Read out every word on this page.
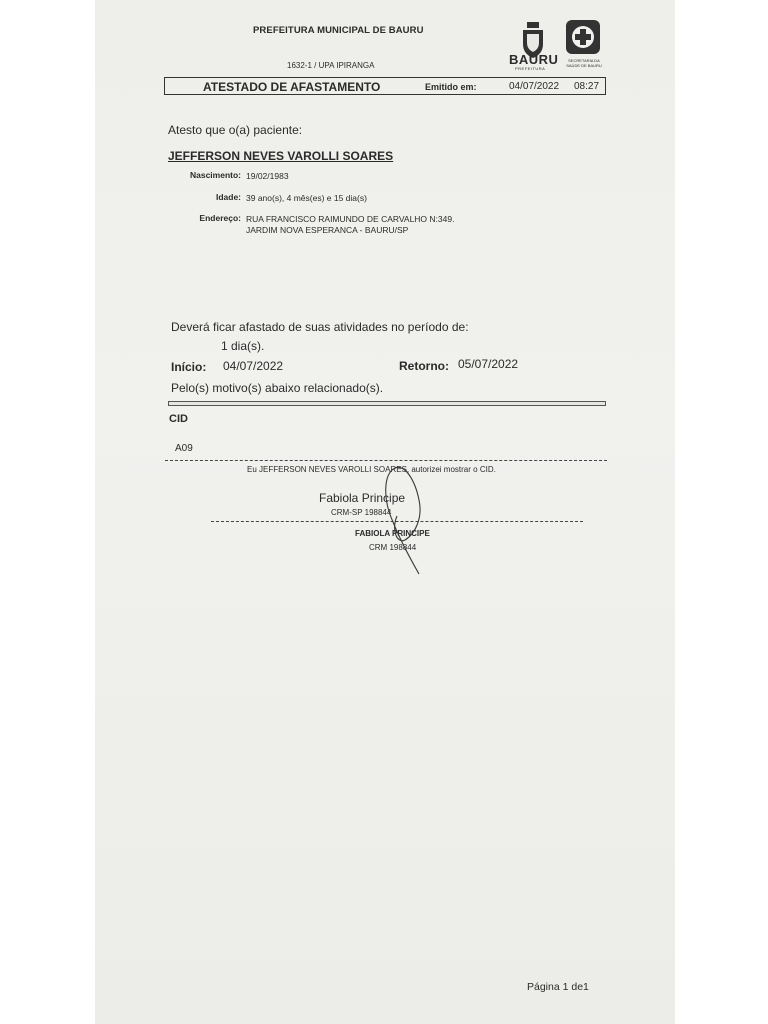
PREFEITURA MUNICIPAL DE BAURU
1632-1 / UPA IPIRANGA	BAURU
PREFEITURA
SECRETARIA DA SAÚDE DE BAURU
ATESTADO DE AFASTAMENTO	Emitido em:	04/07/2022 08:27
Atesto que o(a) paciente:
JEFFERSON NEVES VAROLLI SOARES
Nascimento: 19/02/1983
Idade: 39 ano(s), 4 mês(es) e 15 dia(s)
Endereço: RUA FRANCISCO RAIMUNDO DE CARVALHO N:349.
JARDIM NOVA ESPERANCA - BAURU/SP
Deverá ficar afastado de suas atividades no período de:
1 dia(s).
Início: 04/07/2022	Retorno: 05/07/2022
Pelo(s) motivo(s) abaixo relacionado(s).
CID
A09
Eu JEFFERSON NEVES VAROLLI SOARES, autorizei mostrar o CID.
Fabiola Principe
CRM-SP 198844
FABIOLA PRINCIPE
CRM 198844
Página 1 de1
